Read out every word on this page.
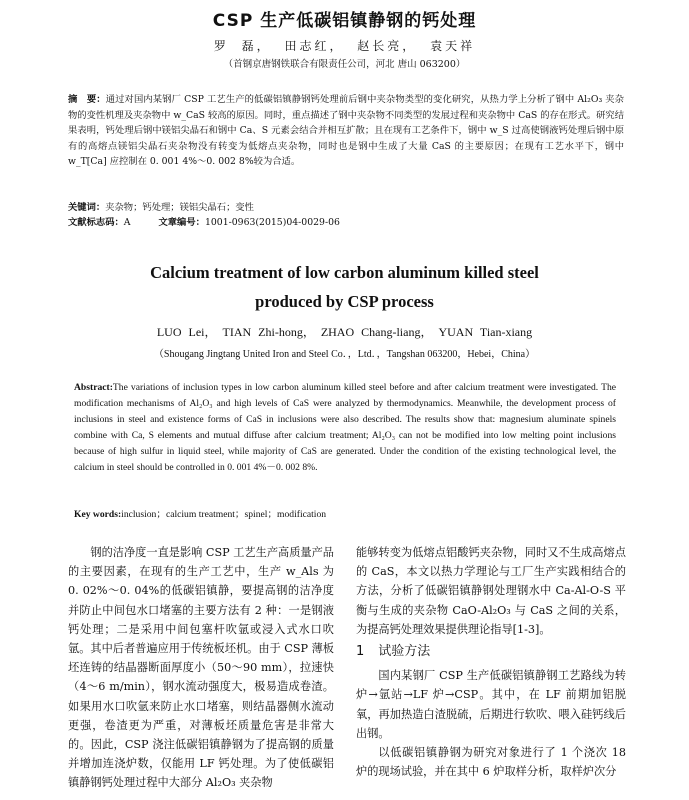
CSP 生产低碳铝镇静钢的钙处理
罗 磊， 田志红， 赵长亮， 袁天祥
（首钢京唐钢铁联合有限责任公司，河北 唐山 063200）
摘　要：通过对国内某钢厂 CSP 工艺生产的低碳铝镇静钢钙处理前后钢中夹杂物类型的变化研究，从热力学上分析了钢中 Al₂O₃ 夹杂物的变性机理及夹杂物中 w_CaS 较高的原因。同时，重点描述了钢中夹杂物不同类型的发展过程和夹杂物中 CaS 的存在形式。研究结果表明，钙处理后钢中镁铝尖晶石和钢中 Ca、S 元素会结合并相互扩散；且在现有工艺条件下，钢中 w_S 过高使钢液钙处理后钢中原有的高熔点镁铝尖晶石夹杂物没有转变为低熔点夹杂物，同时也是钢中生成了大量 CaS 的主要原因；在现有工艺水平下，钢中 w_T[Ca] 应控制在 0. 001 4%～0. 002 8%较为合适。
关键词：夹杂物；钙处理；镁铝尖晶石；变性
文献标志码：A	文章编号：1001-0963(2015)04-0029-06
Calcium treatment of low carbon aluminum killed steel
produced by CSP process
LUO Lei，　TIAN Zhi-hong，　ZHAO Chang-liang，　YUAN Tian-xiang
（Shougang Jingtang United Iron and Steel Co．，Ltd．，Tangshan 063200，Hebei，China）
Abstract:The variations of inclusion types in low carbon aluminum killed steel before and after calcium treatment were investigated. The modification mechanisms of Al₂O₃ and high levels of CaS were analyzed by thermodynamics. Meanwhile, the development process of inclusions in steel and existence forms of CaS in inclusions were also described. The results show that: magnesium aluminate spinels combine with Ca, S elements and mutual diffuse after calcium treatment; Al₂O₃ can not be modified into low melting point inclusions because of high sulfur in liquid steel, while majority of CaS are generated. Under the condition of the existing technological level, the calcium in steel should be controlled in 0. 001 4%－0. 002 8%.
Key words:inclusion；calcium treatment；spinel；modification

钢的洁净度一直是影响 CSP 工艺生产高质量产品的主要因素，在现有的生产工艺中，生产 w_Als 为 0. 02%～0. 04%的低碳铝镇静，要提高钢的洁净度并防止中间包水口堵塞的主要方法有 2 种：一是钢液钙处理；二是采用中间包塞杆吹氩或浸入式水口吹氩。其中后者普遍应用于传统板坯机。由于 CSP 薄板坯连铸的结晶器断面厚度小（50～90 mm），拉速快（4～6 m/min），钢水流动强度大，极易造成卷渣。如果用水口吹氩来防止水口堵塞，则结晶器侧水流动更强，卷渣更为严重，对薄板坯质量危害是非常大的。因此，CSP 浇注低碳铝镇静钢为了提高钢的质量并增加连浇炉数，仅能用 LF 钙处理。为了使低碳铝镇静钢钙处理过程中大部分 Al₂O₃ 夹杂物

能够转变为低熔点铝酸钙夹杂物，同时又不生成高熔点的 CaS，本文以热力学理论与工厂生产实践相结合的方法，分析了低碳铝镇静钢处理钢水中 Ca-Al-O-S 平衡与生成的夹杂物 CaO-Al₂O₃ 与 CaS 之间的关系，为提高钙处理效果提供理论指导[1-3]。

1 试验方法

国内某钢厂 CSP 生产低碳铝镇静钢工艺路线为转炉→氩站→LF 炉→CSP。其中，在 LF 前期加铝脱氧，再加热造白渣脱硫，后期进行软吹、喂入硅钙线后出钢。

以低碳铝镇静钢为研究对象进行了 1 个浇次 18 炉的现场试验，并在其中 6 炉取样分析，取样炉次分
